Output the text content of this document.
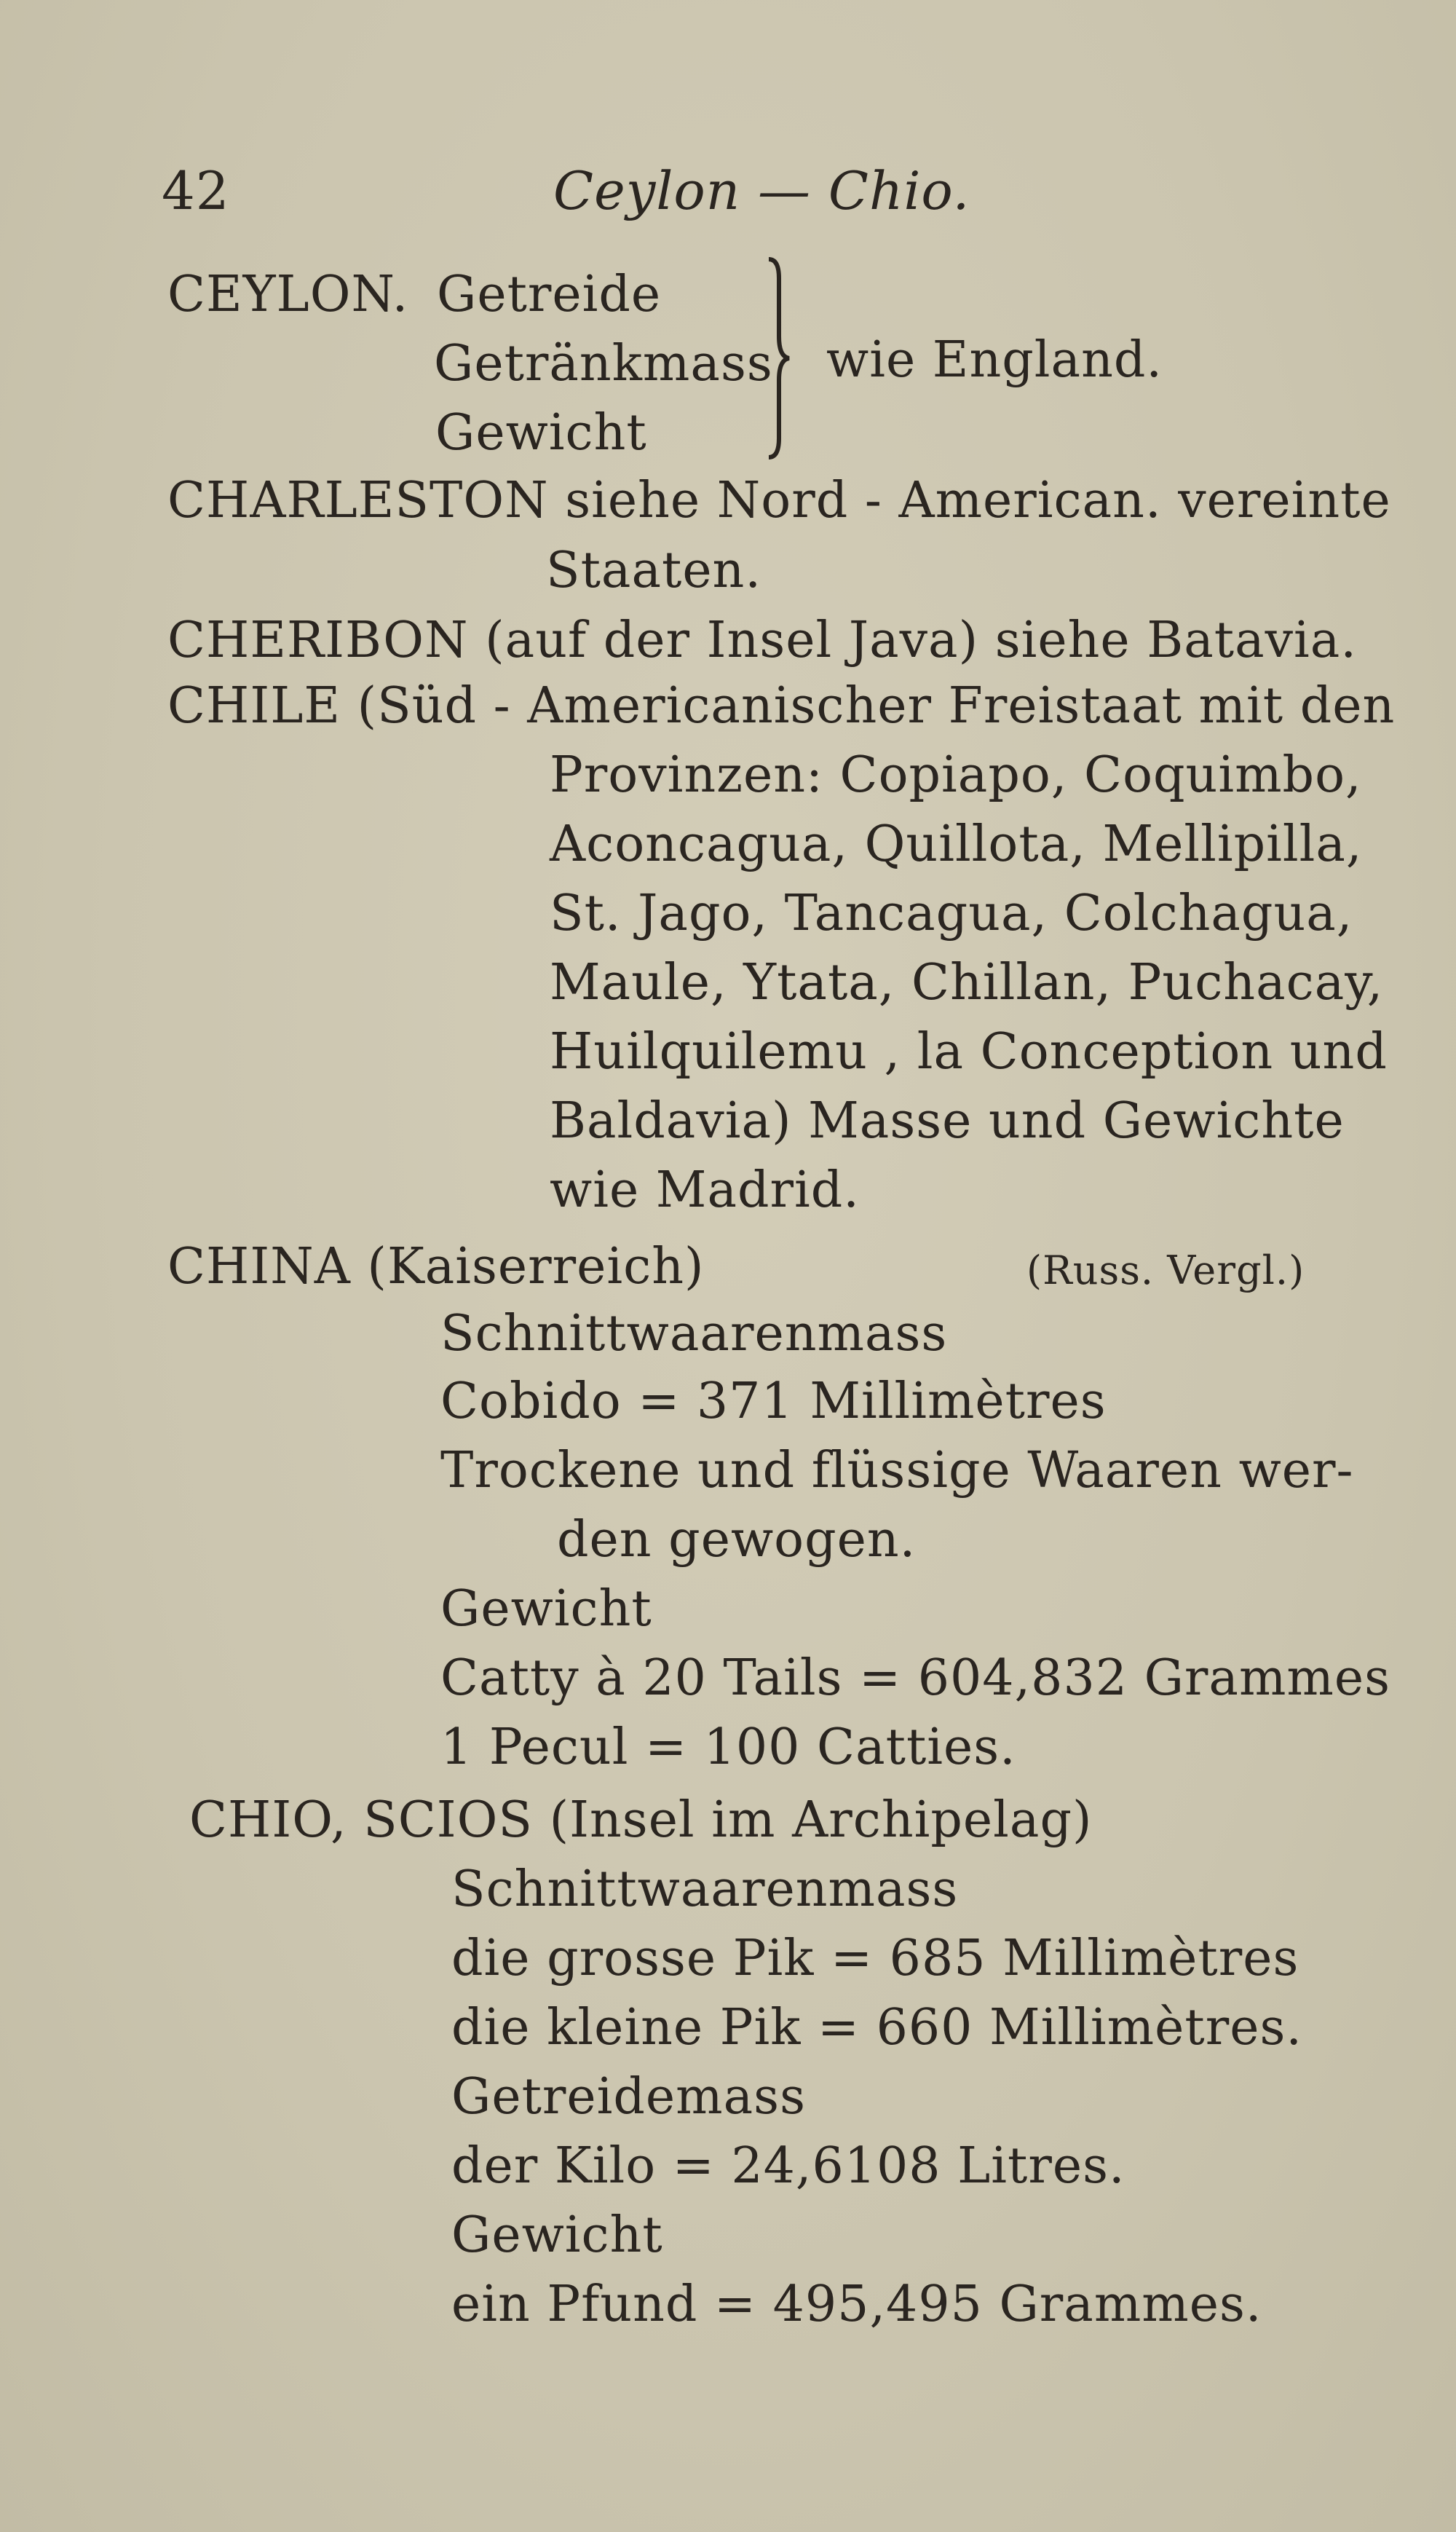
42	Ceylon — Chio.
CEYLON. Getreide
Getränkmass
Gewicht
wie England.
CHARLESTON siehe Nord - American. vereinte
Staaten.
CHERIBON (auf der Insel Java) siehe Batavia.
CHILE (Süd - Americanischer Freistaat mit den
Provinzen: Copiapo, Coquimbo,
Aconcagua, Quillota, Mellipilla,
St. Jago, Tancagua, Colchagua,
Maule, Ytata, Chillan, Puchacay,
Huilquilemu , la Conception und
Baldavia) Masse und Gewichte
wie Madrid.
CHINA (Kaiserreich)	(Russ. Vergl.)
Schnittwaarenmass
Cobido = 371 Millimètres
Trockene und flüssige Waaren wer-
den gewogen.
Gewicht
Catty à 20 Tails = 604,832 Grammes
1 Pecul = 100 Catties.
CHIO, SCIOS (Insel im Archipelag)
Schnittwaarenmass
die grosse Pik = 685 Millimètres
die kleine Pik = 660 Millimètres.
Getreidemass
der Kilo = 24,6108 Litres.
Gewicht
ein Pfund = 495,495 Grammes.
